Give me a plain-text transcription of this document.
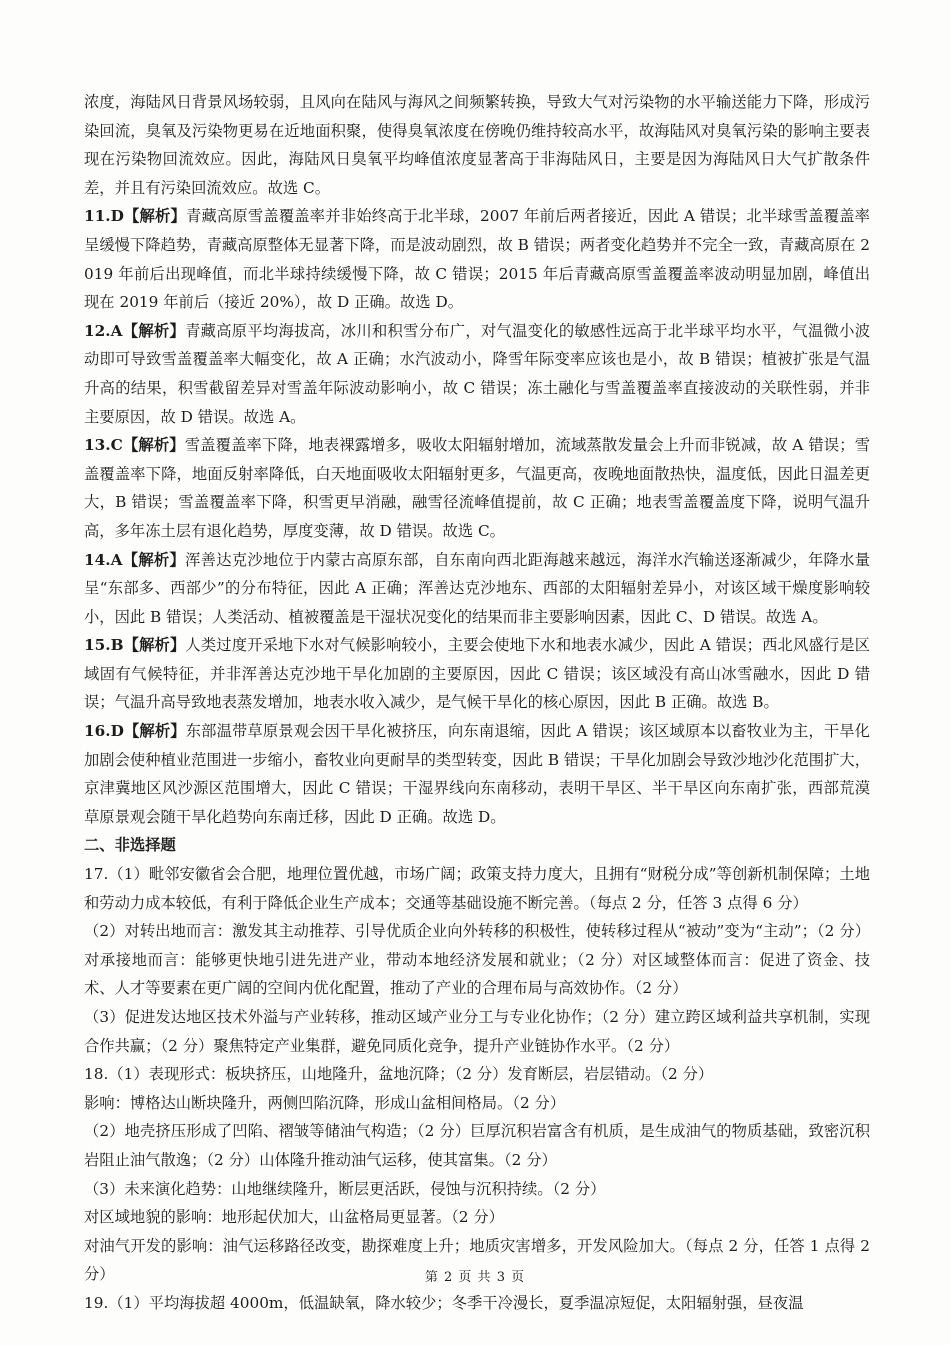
浓度，海陆风日背景风场较弱，且风向在陆风与海风之间频繁转换，导致大气对污染物的水平输送能力下降，形成污染回流，臭氧及污染物更易在近地面积聚，使得臭氧浓度在傍晚仍维持较高水平，故海陆风对臭氧污染的影响主要表现在污染物回流效应。因此，海陆风日臭氧平均峰值浓度显著高于非海陆风日，主要是因为海陆风日大气扩散条件差，并且有污染回流效应。故选 C。

11.D【解析】青藏高原雪盖覆盖率并非始终高于北半球，2007 年前后两者接近，因此 A 错误；北半球雪盖覆盖率呈缓慢下降趋势，青藏高原整体无显著下降，而是波动剧烈，故 B 错误；两者变化趋势并不完全一致，青藏高原在 2019 年前后出现峰值，而北半球持续缓慢下降，故 C 错误；2015 年后青藏高原雪盖覆盖率波动明显加剧，峰值出现在 2019 年前后（接近 20%），故 D 正确。故选 D。

12.A【解析】青藏高原平均海拔高，冰川和积雪分布广，对气温变化的敏感性远高于北半球平均水平，气温微小波动即可导致雪盖覆盖率大幅变化，故 A 正确；水汽波动小，降雪年际变率应该也是小，故 B 错误；植被扩张是气温升高的结果，积雪截留差异对雪盖年际波动影响小，故 C 错误；冻土融化与雪盖覆盖率直接波动的关联性弱，并非主要原因，故 D 错误。故选 A。

13.C【解析】雪盖覆盖率下降，地表裸露增多，吸收太阳辐射增加，流域蒸散发量会上升而非锐减，故 A 错误；雪盖覆盖率下降，地面反射率降低，白天地面吸收太阳辐射更多，气温更高，夜晚地面散热快，温度低，因此日温差更大，B 错误；雪盖覆盖率下降，积雪更早消融，融雪径流峰值提前，故 C 正确；地表雪盖覆盖度下降，说明气温升高，多年冻土层有退化趋势，厚度变薄，故 D 错误。故选 C。

14.A【解析】浑善达克沙地位于内蒙古高原东部，自东南向西北距海越来越远，海洋水汽输送逐渐减少，年降水量呈“东部多、西部少”的分布特征，因此 A 正确；浑善达克沙地东、西部的太阳辐射差异小，对该区域干燥度影响较小，因此 B 错误；人类活动、植被覆盖是干湿状况变化的结果而非主要影响因素，因此 C、D 错误。故选 A。

15.B【解析】人类过度开采地下水对气候影响较小，主要会使地下水和地表水减少，因此 A 错误；西北风盛行是区域固有气候特征，并非浑善达克沙地干旱化加剧的主要原因，因此 C 错误；该区域没有高山冰雪融水，因此 D 错误；气温升高导致地表蒸发增加，地表水收入减少，是气候干旱化的核心原因，因此 B 正确。故选 B。

16.D【解析】东部温带草原景观会因干旱化被挤压，向东南退缩，因此 A 错误；该区域原本以畜牧业为主，干旱化加剧会使种植业范围进一步缩小，畜牧业向更耐旱的类型转变，因此 B 错误；干旱化加剧会导致沙地沙化范围扩大，京津冀地区风沙源区范围增大，因此 C 错误；干湿界线向东南移动，表明干旱区、半干旱区向东南扩张，西部荒漠草原景观会随干旱化趋势向东南迁移，因此 D 正确。故选 D。

二、非选择题

17.（1）毗邻安徽省会合肥，地理位置优越，市场广阔；政策支持力度大，且拥有“财税分成”等创新机制保障；土地和劳动力成本较低，有利于降低企业生产成本；交通等基础设施不断完善。（每点 2 分，任答 3 点得 6 分）

（2）对转出地而言：激发其主动推荐、引导优质企业向外转移的积极性，使转移过程从“被动”变为“主动”；（2 分）对承接地而言：能够更快地引进先进产业，带动本地经济发展和就业；（2 分）对区域整体而言：促进了资金、技术、人才等要素在更广阔的空间内优化配置，推动了产业的合理布局与高效协作。（2 分）

（3）促进发达地区技术外溢与产业转移，推动区域产业分工与专业化协作；（2 分）建立跨区域利益共享机制，实现合作共赢；（2 分）聚焦特定产业集群，避免同质化竞争，提升产业链协作水平。（2 分）

18.（1）表现形式：板块挤压，山地隆升，盆地沉降；（2 分）发育断层，岩层错动。（2 分）

影响：博格达山断块隆升，两侧凹陷沉降，形成山盆相间格局。（2 分）

（2）地壳挤压形成了凹陷、褶皱等储油气构造；（2 分）巨厚沉积岩富含有机质，是生成油气的物质基础，致密沉积岩阻止油气散逸；（2 分）山体隆升推动油气运移，使其富集。（2 分）

（3）未来演化趋势：山地继续隆升，断层更活跃，侵蚀与沉积持续。（2 分）

对区域地貌的影响：地形起伏加大，山盆格局更显著。（2 分）

对油气开发的影响：油气运移路径改变，勘探难度上升；地质灾害增多，开发风险加大。（每点 2 分，任答 1 点得 2 分）

19.（1）平均海拔超 4000m，低温缺氧，降水较少；冬季干冷漫长，夏季温凉短促，太阳辐射强，昼夜温

第 2 页 共 3 页
